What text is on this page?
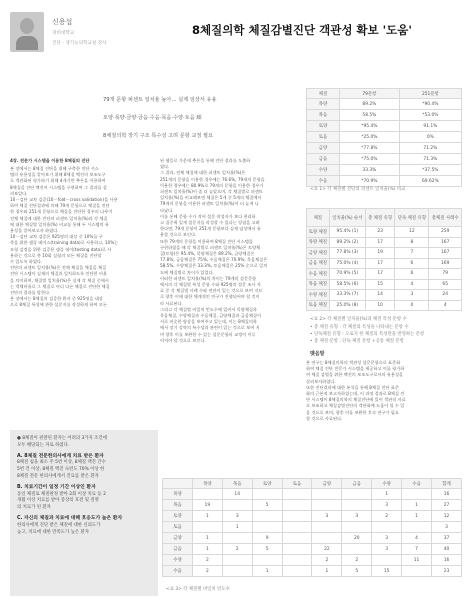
신용섭
경희대학교
진단 · 생기능의학교실 강사
8체질의학 체질감별진단 객관성 확보 '도움'
79개 문항 퍼센트 일치율 높아… 실제 임상서 유용
토양·목양·금양·금음·수음·목음·수양·토음 順
8체질의학 장기 구조 특수성 고려 문항 교정 필요
체질	79문항	251문항
목양	89.2%	*90.4%
목음	58.5%	*53.0%
토양	*95.4%	91.1%
토음	*25.0%	0%
금양	*77.8%	71.2%
금음	*75.0%	71.3%
수양	33.3%	*37.5%
수음	*70.9%	69.62%
<표 1> 각 체질별 진단의 퍼센트 일치율(%) 비교
체질	일치율(%) 순서	총 체질 유형	단독 체질 유형	총체질 사례수
토양 체질	95.4% (1)	23	12	259
목양 체질	89.2% (2)	17	8	167
금양 체질	77.8% (3)	19	7	167
금음 체질	75.0% (4)	17	6	169
수음 체질	70.9% (5)	17	6	79
목음 체질	58.5% (6)	15	4	65
수양 체질	33.3% (7)	14	3	24
토음 체질	25.0% (8)	10	0	4
<표 2> 각 체질별 일치율(%)과 체질 특성 문항 수
• 총 체질 유형 : 각 체질의 특성을 나타내는 문항 수
• 단독체질 유형 : 오로지 한 체질의 특성만을 반영하는 문항
• 총 체질 문항 : 단독 체질 문항 +공통 체질 문항
4장. 전문가 시스템을 이용한 8체질의 진단
본 장에서는 8체질 진단을 위해 구축한 진단 시스
템의 유용성을 알아보기 위해 8체질 맥진의 보조도구
로 객관화된 평가하기 위해 4개기반 추론을 이용하여
8체질을 진단 맥진이 시스템을 구현하여 그 결과를 살
펴보았다.
10－검단 교차 검증(10－fold－cross validation)을 사용
하여 체질 진단결과에 의해 79개 문항으로 체질을 진단
한 경우와 251개 문항으로 체질을 진단한 경우의 나무이
전체 체질에 대한 진단의 퍼센트 일치율(%)과 각 체질
에 대한 체질별 일치율(%) 비교를 통해 두 시스템의 유
용성을 알아보고자 하였다.
10－검단 교차 검증은 925명의 대상 중 10%를 구
축을 위한 샘플 데이스(training data)로 사용하고, 10%는
모형 검정을 위한 검증용 샘플 데이(testing data)로 사
용하는 것으로 총 10회 실험의 모든 체질을 진단할
수 있도록 하였다.
진단의 퍼센트 일치율(%)은 전체 체질을 체질을 체질
진단 시스템이 실제의 체질과 일치하도록 진단한 비율
을 의미하며, 체질별 일치율(%)은 실제 각 체질 중에서
는 객체비율로 그 체질로 어디 다른 체질로 진단한 체질
진단의 결과를 말한다.
본 장에서는 8체질의 검증한 환자 중 925명을 대상
으로 8체질 특성에 관한 설문지를 작성하게 하여 모든
된 샘플로 가운데 추론을 통해 진단 결과를 도출하
였다.
그 결과, 전체 체질에 대한 퍼센트 일치율(%)은
251개의 문항을 이용한 경우에는 76.6%, 79개의 문항을
이용한 경우에는 80.9%로 79개의 문항을 이용한 경우가
퍼센트 일치율(%)이 좀 더 높았으며, 각 체질별로 퍼센트
일치율(%)을 비교해보면 체질은 5개 중 5개의 체질에서
79개의 문항을 이용한 퍼센트 일치율(%)이 더 높게 나
타났다.
이를 통해 문항 수가 적어 설문 작성자가 보다 편리하
고 집중력 있게 설문지를 작성할 수 있다는 장점을 고려
한다면, 79개 문항이 251개 문항보다 실제 임상에서 유
용할 것으로 보인다.
또한 79개의 문항을 이용하여 8체질 진단 시스템을
구현하였을 때 각 체질별로 퍼센트 일치율(%)은 토양체
질(토양)은 95.4%, 목양체질은 89.2%, 금양체질은
77.8%, 금음체질은 75%, 수음체질은 70.9%, 목음체질은
58.5%, 수양체질은 33.3%, 토음체질은 25% 순으로 일치
도에 체질별로 차이가 있었다.
이러한 퍼센트 일치율(%)의 차이는 79개의 설문문항
에서의 각 체질별 특성 문항 수와 925명의 설문 조사 자
료 중 각 체질별 사례 수와 연관이 있는 것으로 보여 지므
로 향후 이에 대한 체계적인 연구가 진행되어야 할 것이
라 사료된다.
그리고 각 체질별 비일치 빈도수에 있어서 목양체질과
목음체질, 수양체질과 수음체질, 금양체질과 금음체질이
서로 비슷한 양상을 보여주고 있는데, 이는 8체질의학
에서 장기 강약의 특수성과 관련이 있는 것으로 보여 지
며 향후 이를 보완한 수 있는 설문문항의 교정이 이루
어져야 할 것으로 보인다.
맺음말
본 연구는 8체질의학의 객관성 설문문항으로 표준화
하여 체질 진단 전문가 시스템을 제공하고 이를 평가하
여 체질 감별을 위한 맥진의 보조도구로서의 유용성을
살펴보자하였다.
또한 진단결과에 대한 분석을 통해 8체질 진단 표준
화의 근본적 보고자하였는데, 이 과정 결과로 8체질 진
단 시스템이 8체질의학의 체질진단에 있어 객관적 자료
로 보조하고 체질감별진단의 객관화에 도움이 될 수 있
을 것으로 보며, 향후 이를 보완한 후속 연구가 필요
할 것으로 사료된다.
● 8체질이 관찰된 환자는 어려의 3가지 조건에
모두 해당되는 자로 하였다.
A. 8체질 전문한의사에게 치료 받은 환자
8체질 침을 최소 주 5번 이상, 8체질 맥진 간수
5번 건 이상, 8체질 맥진 숙련도 70% 이상 한
8체질 전문 한의사에게서 진료를 받은 환자
B. 치료기간이 일정 기간 이상인 환자
동일 체질로 체질판정 받아 2회 이상 치료 등 2
개월 이상 치료를 받아 증상의 호전 및 질병
의 치료가 된 환자
C. 자신의 체질과 치료에 대해 호응도가 높은 환자
한의사에게 진단 받은 체질에 대한 신뢰도가
높고, 치료에 대한 만족도가 높은 환자
	목양	목음	토양	토음	금양	금음	수양	수음	합계
목양		14					1		16
목음	19		5				3	1	27
토양	1	3			3	3	2	1	12
토음		1							3
금양	1		9			20	3	4	37
금음	1	2	5		22		3	7	40
수양	2				2	2		11	16
수음	2		1		1	5	15		23
<표 3> 각 체질별 비일치 빈도수
